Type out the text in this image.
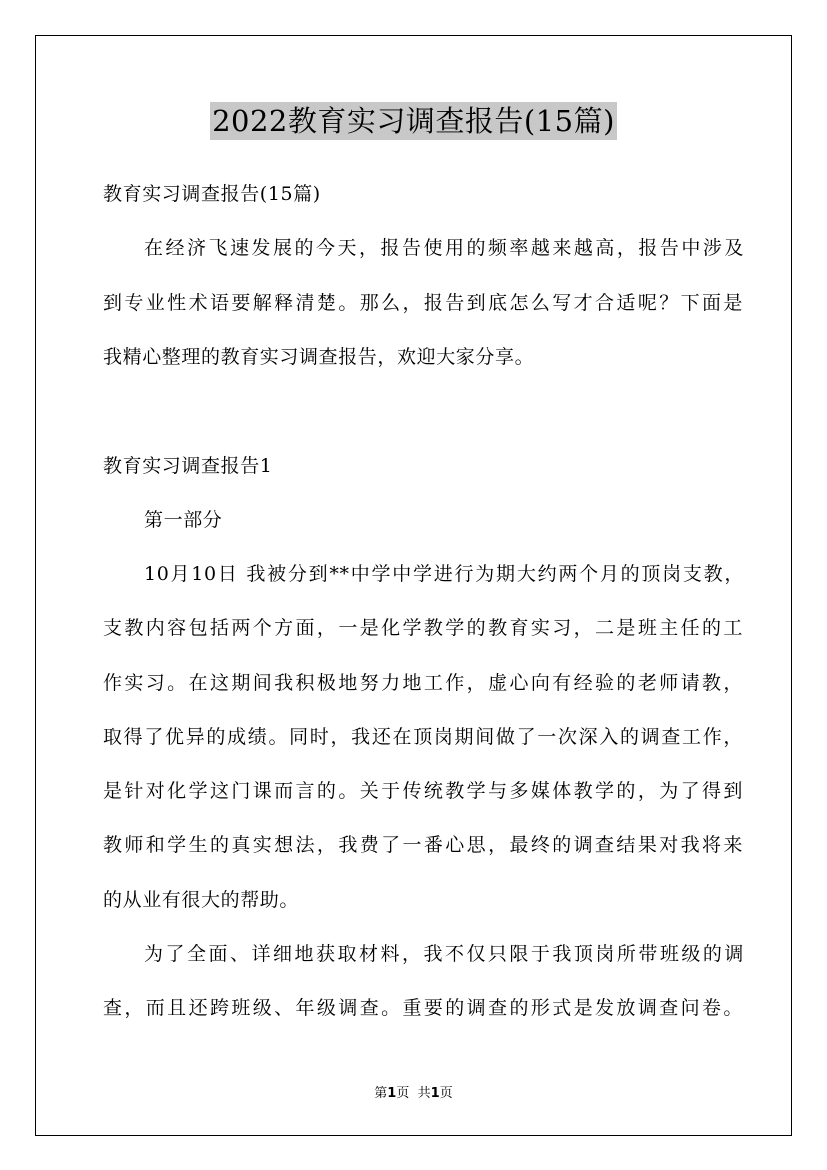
2022教育实习调查报告(15篇)
教育实习调查报告(15篇)
在经济飞速发展的今天，报告使用的频率越来越高，报告中涉及
到专业性术语要解释清楚。那么，报告到底怎么写才合适呢？下面是
我精心整理的教育实习调查报告，欢迎大家分享。
教育实习调查报告1
第一部分
10月10日 我被分到**中学中学进行为期大约两个月的顶岗支教，
支教内容包括两个方面，一是化学教学的教育实习，二是班主任的工
作实习。在这期间我积极地努力地工作，虚心向有经验的老师请教，
取得了优异的成绩。同时，我还在顶岗期间做了一次深入的调查工作，
是针对化学这门课而言的。关于传统教学与多媒体教学的，为了得到
教师和学生的真实想法，我费了一番心思，最终的调查结果对我将来
的从业有很大的帮助。
为了全面、详细地获取材料，我不仅只限于我顶岗所带班级的调
查，而且还跨班级、年级调查。重要的调查的形式是发放调查问卷。
第1页 共1页
